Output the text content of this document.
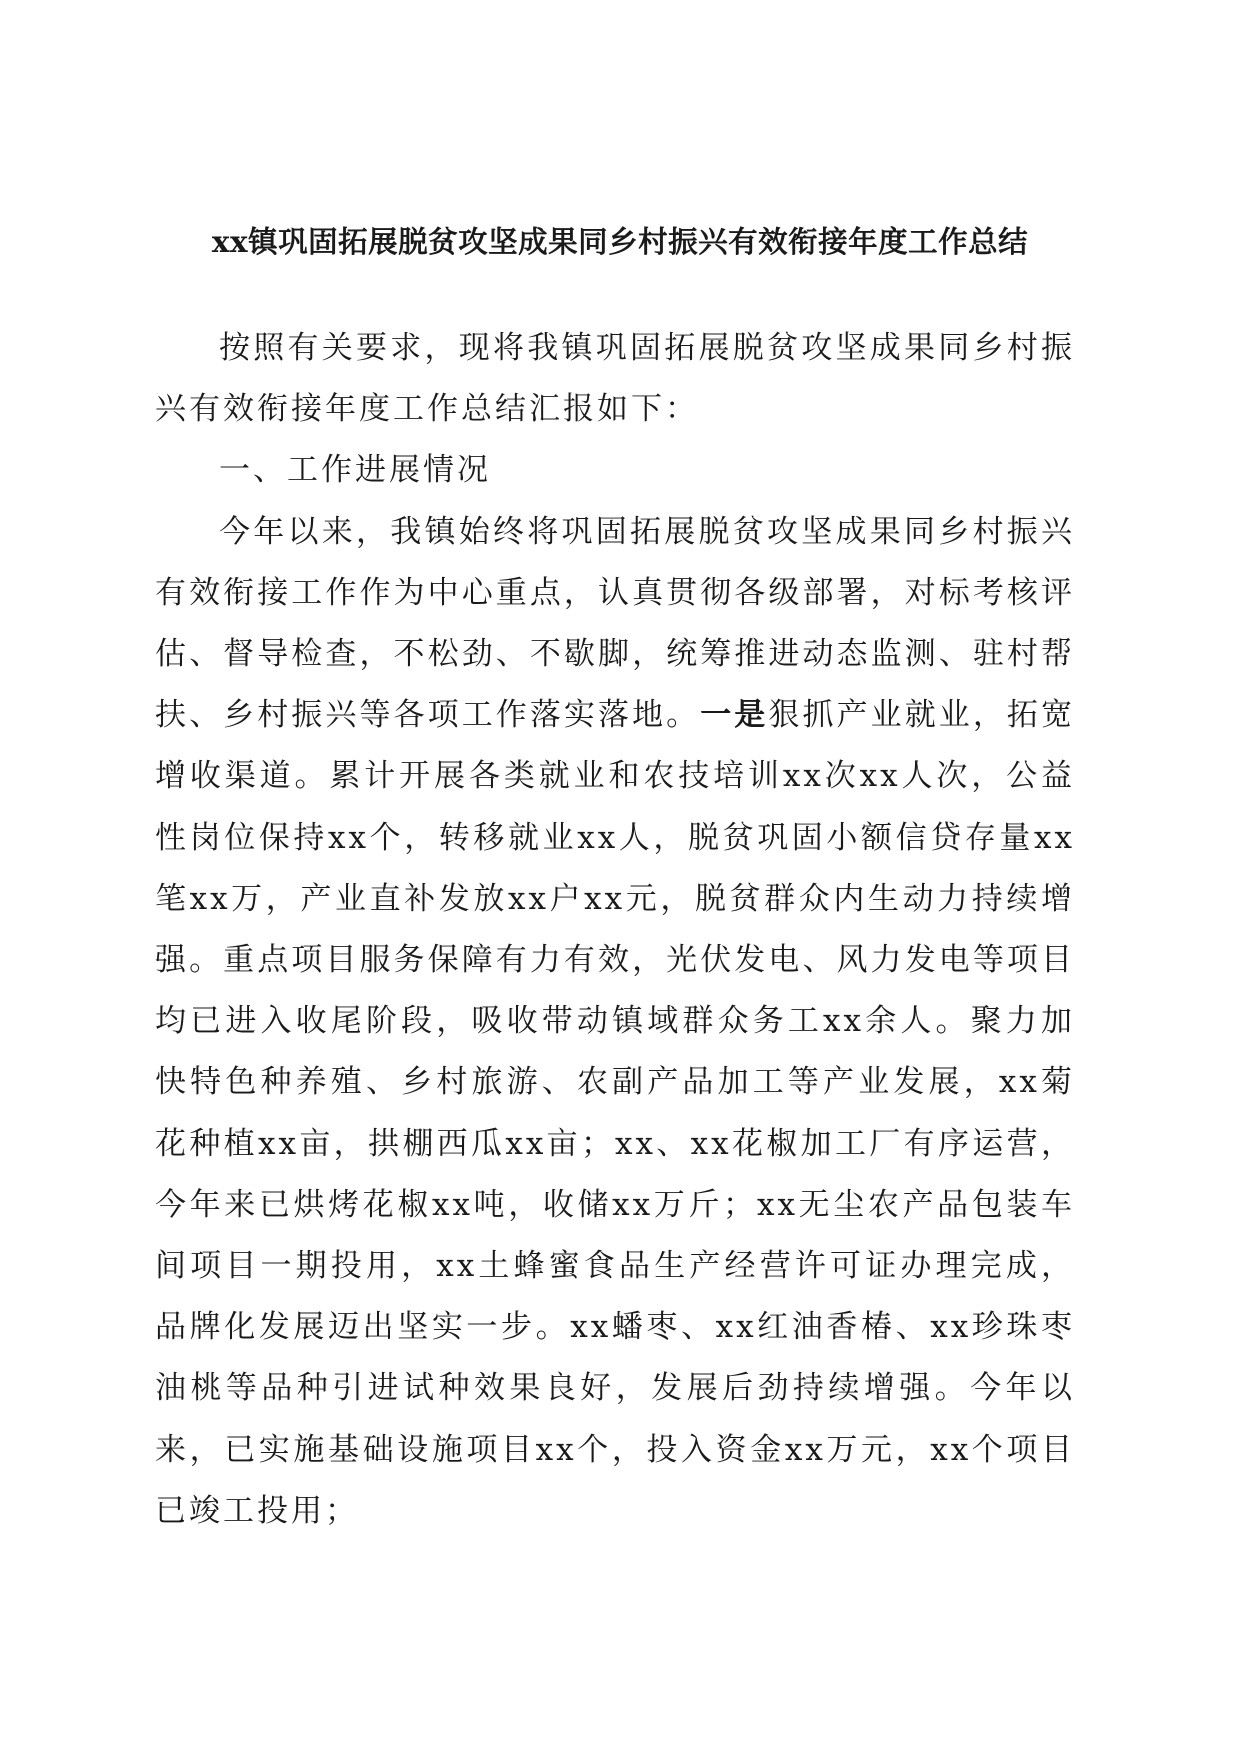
xx镇巩固拓展脱贫攻坚成果同乡村振兴有效衔接年度工作总结

按照有关要求，现将我镇巩固拓展脱贫攻坚成果同乡村振兴有效衔接年度工作总结汇报如下：

一、工作进展情况

今年以来，我镇始终将巩固拓展脱贫攻坚成果同乡村振兴有效衔接工作作为中心重点，认真贯彻各级部署，对标考核评估、督导检查，不松劲、不歇脚，统筹推进动态监测、驻村帮扶、乡村振兴等各项工作落实落地。一是狠抓产业就业，拓宽增收渠道。累计开展各类就业和农技培训xx次xx人次，公益性岗位保持xx个，转移就业xx人，脱贫巩固小额信贷存量xx笔xx万，产业直补发放xx户xx元，脱贫群众内生动力持续增强。重点项目服务保障有力有效，光伏发电、风力发电等项目均已进入收尾阶段，吸收带动镇域群众务工xx余人。聚力加快特色种养殖、乡村旅游、农副产品加工等产业发展，xx菊花种植xx亩，拱棚西瓜xx亩；xx、xx花椒加工厂有序运营，今年来已烘烤花椒xx吨，收储xx万斤；xx无尘农产品包装车间项目一期投用，xx土蜂蜜食品生产经营许可证办理完成，品牌化发展迈出坚实一步。xx蟠枣、xx红油香椿、xx珍珠枣油桃等品种引进试种效果良好，发展后劲持续增强。今年以来，已实施基础设施项目xx个，投入资金xx万元，xx个项目已竣工投用；
